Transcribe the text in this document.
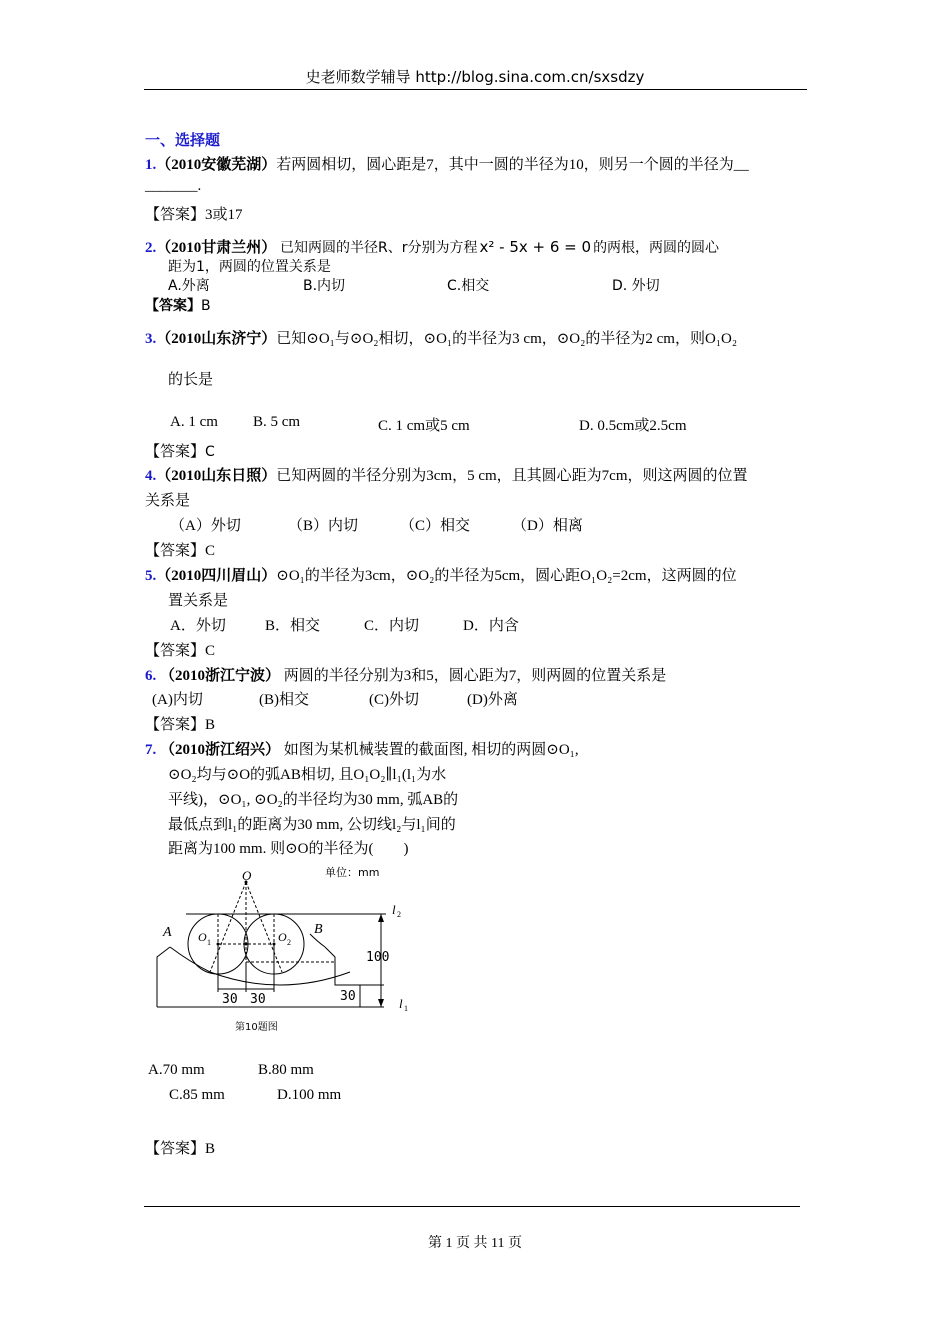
史老师数学辅导 http://blog.sina.com.cn/sxsdzy
一、选择题
1.（2010安徽芜湖）若两圆相切，圆心距是7，其中一圆的半径为10，则另一个圆的半径为__
_______.
【答案】3或17
2.（2010甘肃兰州） 已知两圆的半径R、r分别为方程 x² - 5x + 6 = 0 的两根，两圆的圆心
距为1，两圆的位置关系是
A.外离	B.内切	C.相交	D. 外切
【答案】B
3.（2010山东济宁）已知⊙O₁与⊙O₂相切，⊙O₁的半径为3 cm，⊙O₂的半径为2 cm，则O₁O₂
的长是
A. 1 cm B. 5 cm	C. 1 cm或5 cm	D. 0.5cm或2.5cm
【答案】C
4.（2010山东日照）已知两圆的半径分别为3cm，5 cm，且其圆心距为7cm，则这两圆的位置
关系是
（A）外切	（B）内切	（C）相交	（D）相离
【答案】C
5.（2010四川眉山）⊙O₁的半径为3cm，⊙O₂的半径为5cm，圆心距O₁O₂=2cm，这两圆的位
置关系是
A．外切	B．相交	C．内切	D．内含
【答案】C
6. （2010浙江宁波） 两圆的半径分别为3和5，圆心距为7，则两圆的位置关系是
(A)内切	(B)相交	(C)外切	(D)外离
【答案】B
7. （2010浙江绍兴） 如图为某机械装置的截面图, 相切的两圆⊙O₁,
⊙O₂均与⊙O的弧AB相切, 且O₁O₂∥l₁(l₁为水
平线)，⊙O₁, ⊙O₂的半径均为30 mm, 弧AB的
最低点到l₁的距离为30 mm, 公切线l₂与l₁间的
距离为100 mm. 则⊙O的半径为(　　)
单位：mm
O
A	B
O 1	O 2
l 2
l 1
100
30 30	30
第10题图
A.70 mm	B.80 mm
C.85 mm	D.100 mm
【答案】B
第 1 页 共 11 页
